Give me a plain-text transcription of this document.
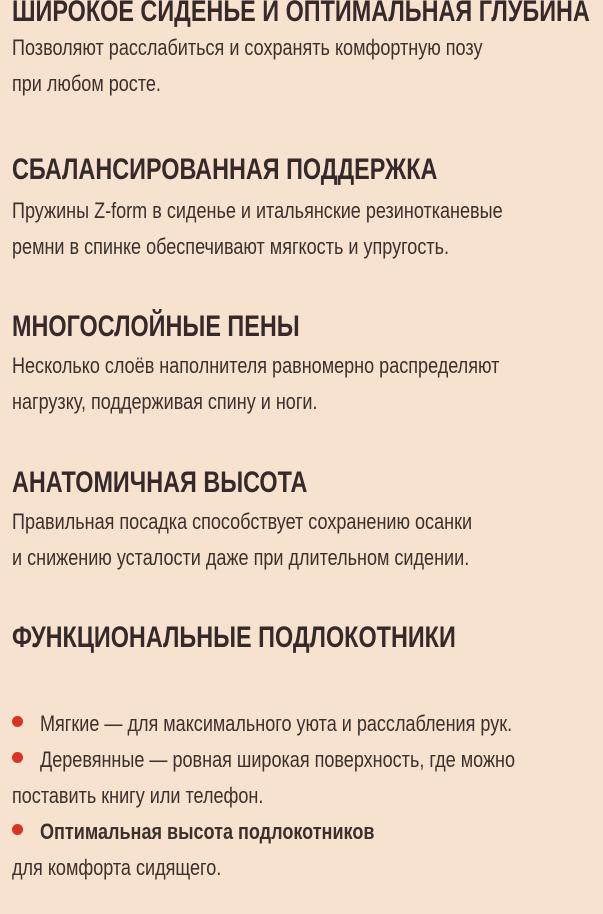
ШИРОКОЕ СИДЕНЬЕ И ОПТИМАЛЬНАЯ ГЛУБИНА

Позволяют расслабиться и сохранять комфортную позу

при любом росте.

СБАЛАНСИРОВАННАЯ ПОДДЕРЖКА

Пружины Z-form в сиденье и итальянские резинотканевые

ремни в спинке обеспечивают мягкость и упругость.

МНОГОСЛОЙНЫЕ ПЕНЫ

Несколько слоёв наполнителя равномерно распределяют

нагрузку, поддерживая спину и ноги.

АНАТОМИЧНАЯ ВЫСОТА

Правильная посадка способствует сохранению осанки

и снижению усталости даже при длительном сидении.

ФУНКЦИОНАЛЬНЫЕ ПОДЛОКОТНИКИ
Мягкие — для максимального уюта и расслабления рук.
Деревянные — ровная широкая поверхность, где можно

поставить книгу или телефон.

Оптимальная высота подлокотников

для комфорта сидящего.
